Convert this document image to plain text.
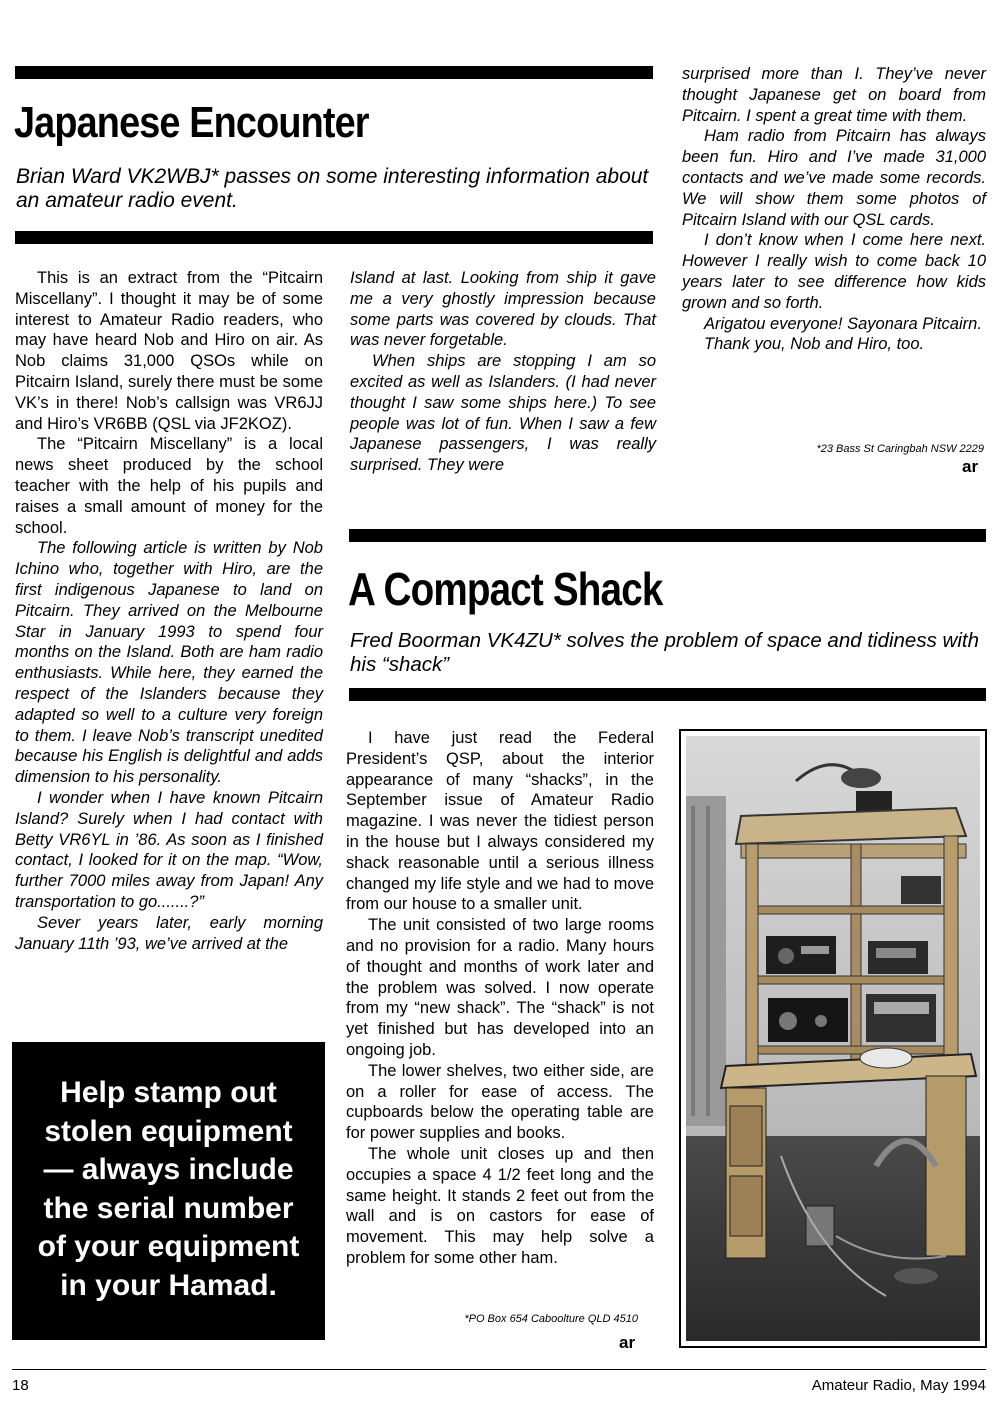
Japanese Encounter

Brian Ward VK2WBJ* passes on some interesting information about an amateur radio event.

This is an extract from the “Pitcairn Miscellany”. I thought it may be of some interest to Amateur Radio readers, who may have heard Nob and Hiro on air. As Nob claims 31,000 QSOs while on Pitcairn Island, surely there must be some VK’s in there! Nob’s callsign was VR6JJ and Hiro’s VR6BB (QSL via JF2KOZ).

The “Pitcairn Miscellany” is a local news sheet produced by the school teacher with the help of his pupils and raises a small amount of money for the school.

The following article is written by Nob Ichino who, together with Hiro, are the first indigenous Japanese to land on Pitcairn. They arrived on the Melbourne Star in January 1993 to spend four months on the Island. Both are ham radio enthusiasts. While here, they earned the respect of the Islanders because they adapted so well to a culture very foreign to them. I leave Nob’s transcript unedited because his English is delightful and adds dimension to his personality.

I wonder when I have known Pitcairn Island? Surely when I had contact with Betty VR6YL in ’86. As soon as I finished contact, I looked for it on the map. “Wow, further 7000 miles away from Japan! Any transportation to go.......?”

Sever years later, early morning January 11th ’93, we’ve arrived at the

Island at last. Looking from ship it gave me a very ghostly impression because some parts was covered by clouds. That was never forgetable.

When ships are stopping I am so excited as well as Islanders. (I had never thought I saw some ships here.) To see people was lot of fun. When I saw a few Japanese passengers, I was really surprised. They were

surprised more than I. They’ve never thought Japanese get on board from Pitcairn. I spent a great time with them.

Ham radio from Pitcairn has always been fun. Hiro and I’ve made 31,000 contacts and we’ve made some records. We will show them some photos of Pitcairn Island with our QSL cards.

I don’t know when I come here next. However I really wish to come back 10 years later to see difference how kids grown and so forth.

Arigatou everyone! Sayonara Pitcairn.

Thank you, Nob and Hiro, too.

*23 Bass St Caringbah NSW 2229
ar
Help stamp out
stolen equipment
— always include
the serial number
of your equipment
in your Hamad.
A Compact Shack

Fred Boorman VK4ZU* solves the problem of space and tidiness with his “shack”

I have just read the Federal President’s QSP, about the interior appearance of many “shacks”, in the September issue of Amateur Radio magazine. I was never the tidiest person in the house but I always considered my shack reasonable until a serious illness changed my life style and we had to move from our house to a smaller unit.

The unit consisted of two large rooms and no provision for a radio. Many hours of thought and months of work later and the problem was solved. I now operate from my “new shack”. The “shack” is not yet finished but has developed into an ongoing job.

The lower shelves, two either side, are on a roller for ease of access. The cupboards below the operating table are for power supplies and books.

The whole unit closes up and then occupies a space 4 1/2 feet long and the same height. It stands 2 feet out from the wall and is on castors for ease of movement. This may help solve a problem for some other ham.

*PO Box 654 Caboolture QLD 4510
ar
18	Amateur Radio, May 1994
